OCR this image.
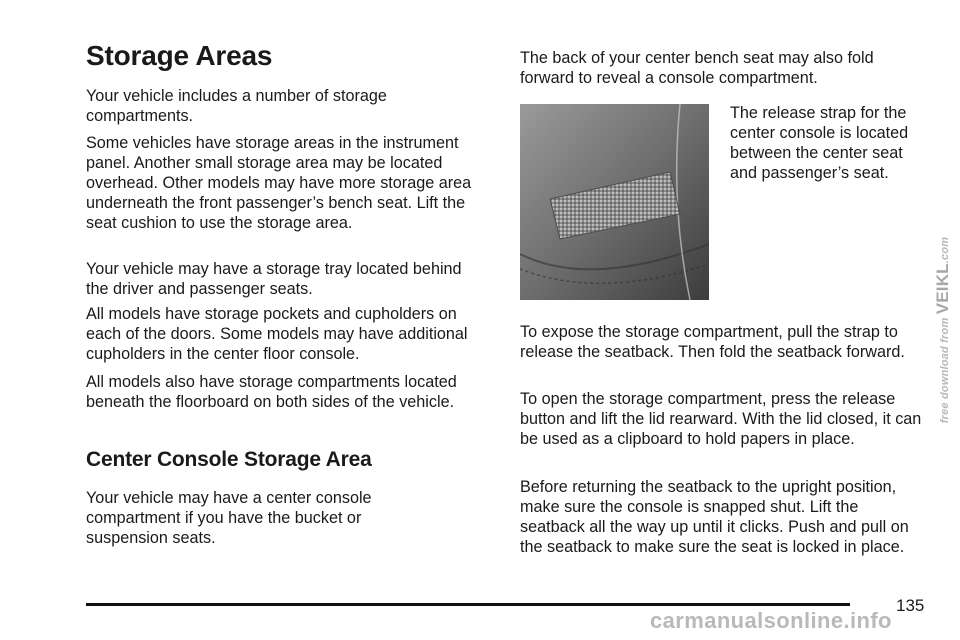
Storage Areas

Your vehicle includes a number of storage compartments.

Some vehicles have storage areas in the instrument panel. Another small storage area may be located overhead. Other models may have more storage area underneath the front passenger’s bench seat. Lift the seat cushion to use the storage area.

Your vehicle may have a storage tray located behind the driver and passenger seats.

All models have storage pockets and cupholders on each of the doors. Some models may have additional cupholders in the center floor console.

All models also have storage compartments located beneath the floorboard on both sides of the vehicle.

Center Console Storage Area

Your vehicle may have a center console compartment if you have the bucket or suspension seats.

The back of your center bench seat may also fold forward to reveal a console compartment.

The release strap for the center console is located between the center seat and passenger’s seat.

To expose the storage compartment, pull the strap to release the seatback. Then fold the seatback forward.

To open the storage compartment, press the release button and lift the lid rearward. With the lid closed, it can be used as a clipboard to hold papers in place.

Before returning the seatback to the upright position, make sure the console is snapped shut. Lift the seatback all the way up until it clicks. Push and pull on the seatback to make sure the seat is locked in place.

135
free download from VEIKL.com
carmanualsonline.info
